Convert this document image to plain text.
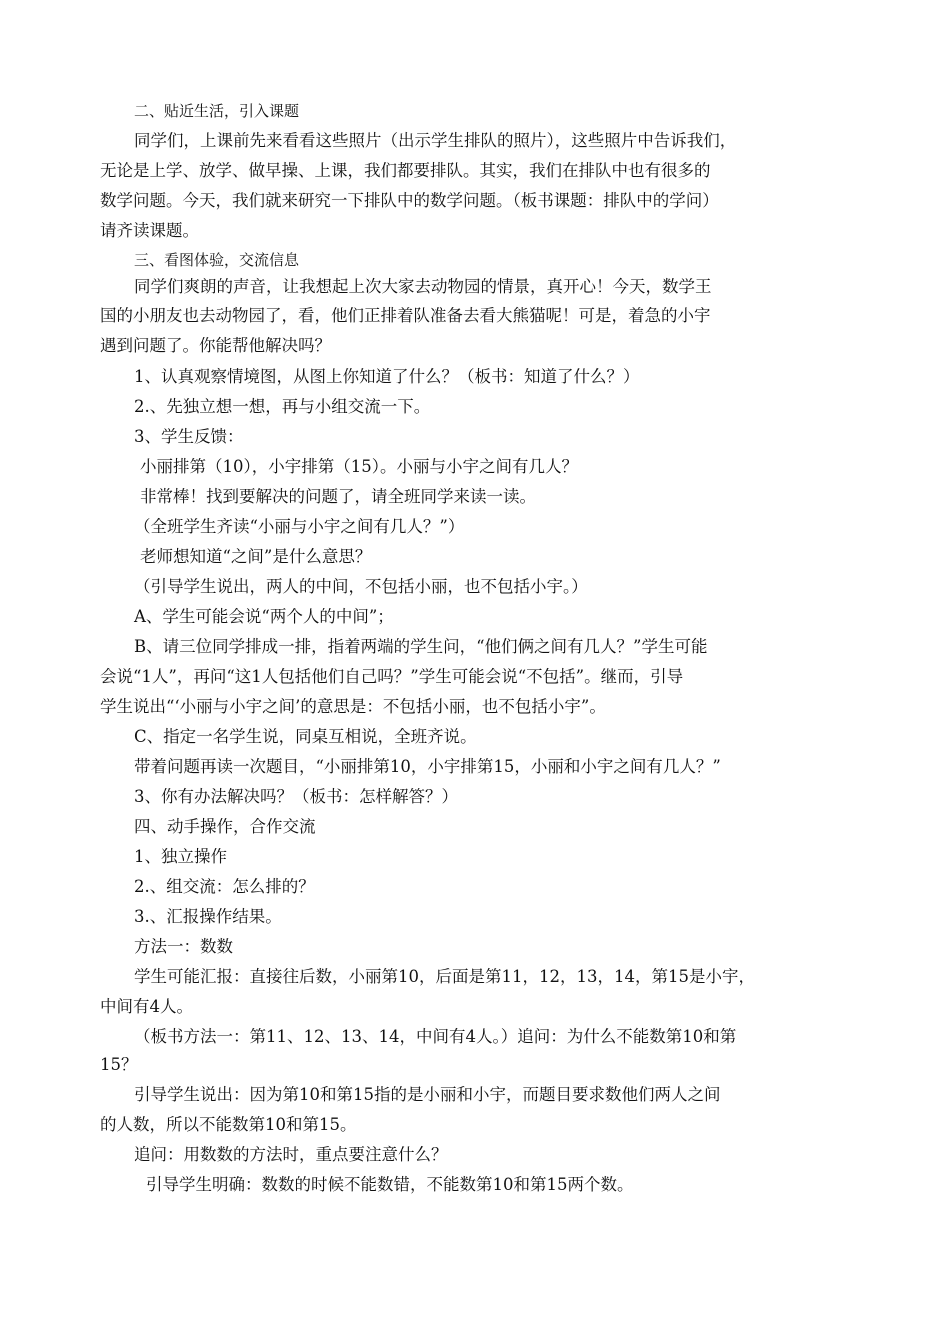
二、贴近生活，引入课题
同学们，上课前先来看看这些照片（出示学生排队的照片），这些照片中告诉我们，
无论是上学、放学、做早操、上课，我们都要排队。其实，我们在排队中也有很多的
数学问题。今天，我们就来研究一下排队中的数学问题。（板书课题：排队中的学问）
请齐读课题。
三、看图体验，交流信息
同学们爽朗的声音，让我想起上次大家去动物园的情景，真开心！今天，数学王
国的小朋友也去动物园了，看，他们正排着队准备去看大熊猫呢！可是，着急的小宇
遇到问题了。你能帮他解决吗？
1、认真观察情境图，从图上你知道了什么？（板书：知道了什么？）
2.、先独立想一想，再与小组交流一下。
3、学生反馈：
小丽排第（10），小宇排第（15）。小丽与小宇之间有几人？
非常棒！找到要解决的问题了，请全班同学来读一读。
（全班学生齐读“小丽与小宇之间有几人？”）
老师想知道“之间”是什么意思？
（引导学生说出，两人的中间，不包括小丽，也不包括小宇。）
A、学生可能会说“两个人的中间”；
B、请三位同学排成一排，指着两端的学生问，“他们俩之间有几人？”学生可能
会说“1人”，再问“这1人包括他们自己吗？”学生可能会说“不包括”。继而，引导
学生说出“‘小丽与小宇之间’的意思是：不包括小丽，也不包括小宇”。
C、指定一名学生说，同桌互相说，全班齐说。
带着问题再读一次题目，“小丽排第10，小宇排第15，小丽和小宇之间有几人？”
3、你有办法解决吗？（板书：怎样解答？）
四、动手操作，合作交流
1、独立操作
2.、组交流：怎么排的？
3.、汇报操作结果。
方法一：数数
学生可能汇报：直接往后数，小丽第10，后面是第11，12，13，14，第15是小宇，
中间有4人。
（板书方法一：第11、12、13、14，中间有4人。）追问：为什么不能数第10和第
15？
引导学生说出：因为第10和第15指的是小丽和小宇，而题目要求数他们两人之间
的人数，所以不能数第10和第15。
追问：用数数的方法时，重点要注意什么？
引导学生明确：数数的时候不能数错，不能数第10和第15两个数。
